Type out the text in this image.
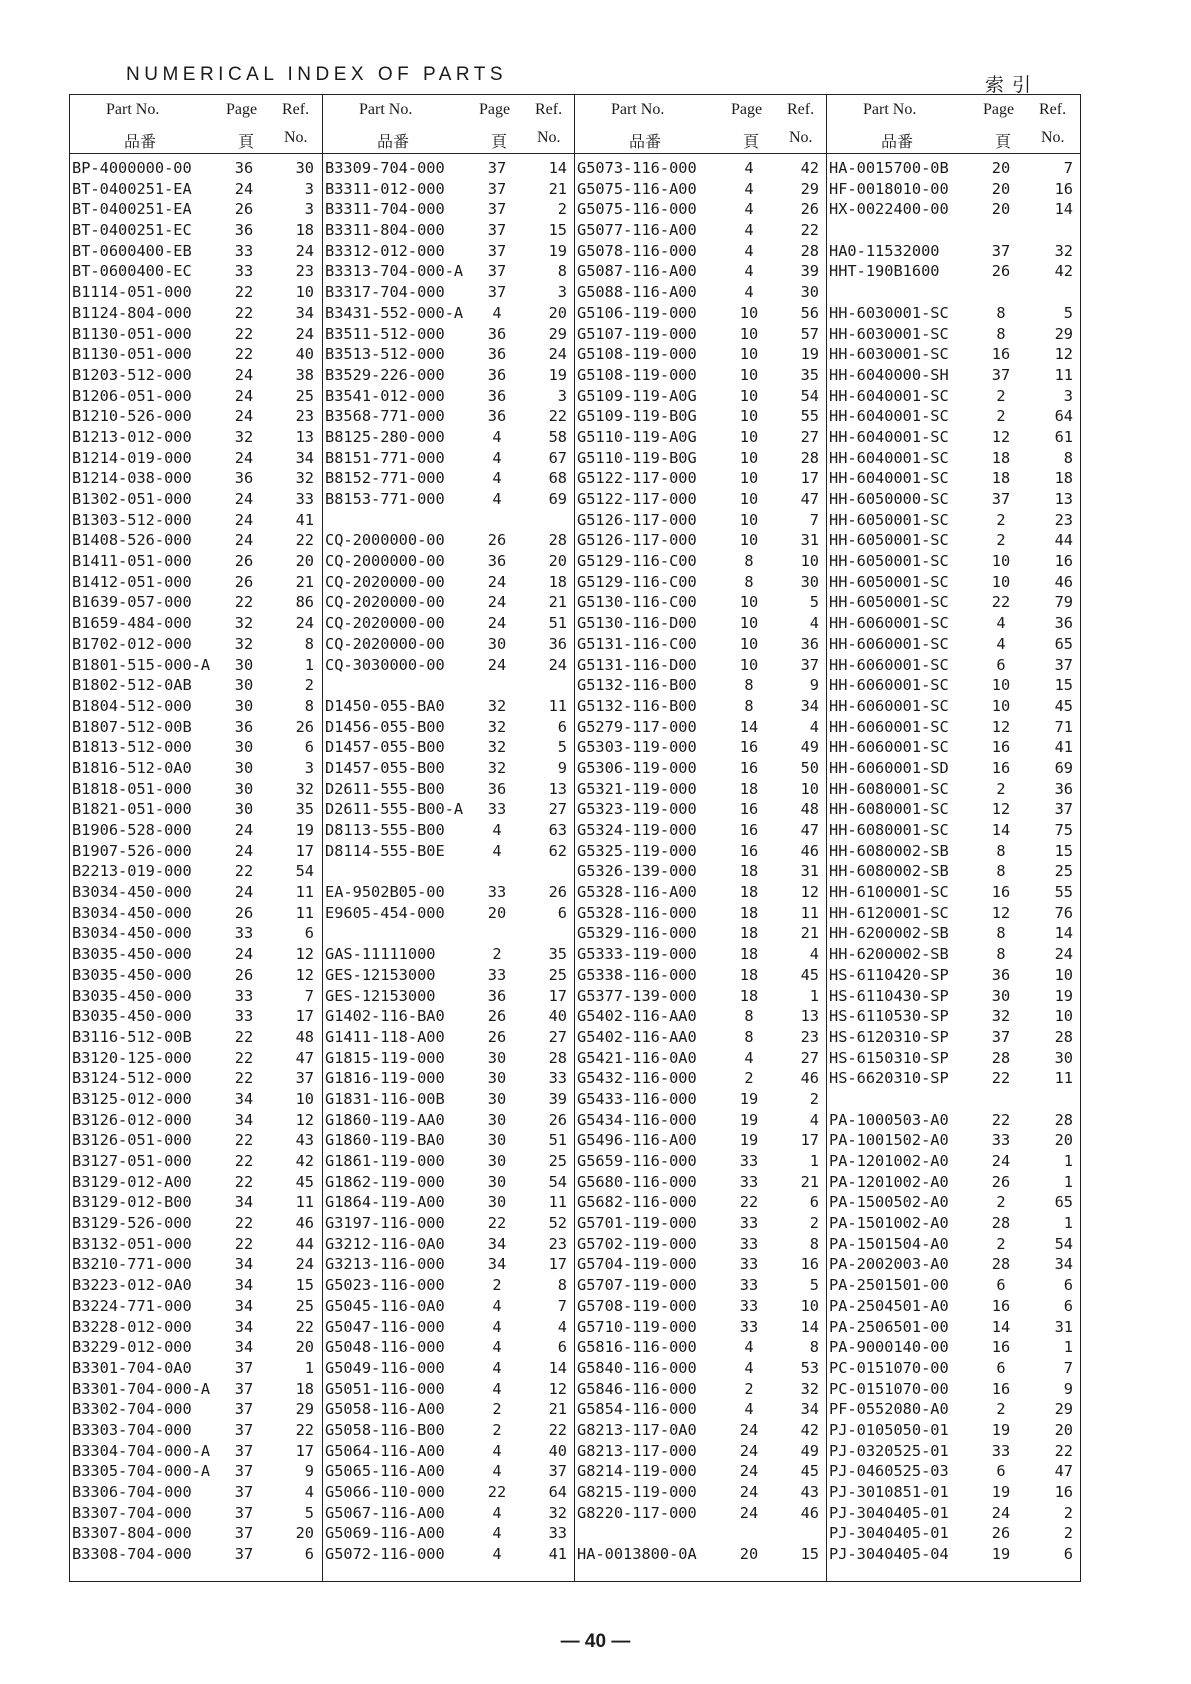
NUMERICAL INDEX OF PARTS	索引
Part No.	Page Ref.
品番	頁 No.
BP-4000000-00	36	30
BT-0400251-EA	24	3
BT-0400251-EA	26	3
BT-0400251-EC	36	18
BT-0600400-EB	33	24
BT-0600400-EC	33	23
B1114-051-000	22	10
B1124-804-000	22	34
B1130-051-000	22	24
B1130-051-000	22	40
B1203-512-000	24	38
B1206-051-000	24	25
B1210-526-000	24	23
B1213-012-000	32	13
B1214-019-000	24	34
B1214-038-000	36	32
B1302-051-000	24	33
B1303-512-000	24	41
B1408-526-000	24	22
B1411-051-000	26	20
B1412-051-000	26	21
B1639-057-000	22	86
B1659-484-000	32	24
B1702-012-000	32	8
B1801-515-000-A 30	1
B1802-512-0AB	30	2
B1804-512-000	30	8
B1807-512-00B	36	26
B1813-512-000	30	6
B1816-512-0A0	30	3
B1818-051-000	30	32
B1821-051-000	30	35
B1906-528-000	24	19
B1907-526-000	24	17
B2213-019-000	22	54
B3034-450-000	24	11
B3034-450-000	26	11
B3034-450-000	33	6
B3035-450-000	24	12
B3035-450-000	26	12
B3035-450-000	33	7
B3035-450-000	33	17
B3116-512-00B	22	48
B3120-125-000	22	47
B3124-512-000	22	37
B3125-012-000	34	10
B3126-012-000	34	12
B3126-051-000	22	43
B3127-051-000	22	42
B3129-012-A00	22	45
B3129-012-B00	34	11
B3129-526-000	22	46
B3132-051-000	22	44
B3210-771-000	34	24
B3223-012-0A0	34	15
B3224-771-000	34	25
B3228-012-000	34	22
B3229-012-000	34	20
B3301-704-0A0	37	1
B3301-704-000-A 37	18
B3302-704-000	37	29
B3303-704-000	37	22
B3304-704-000-A 37	17
B3305-704-000-A 37	9
B3306-704-000	37	4
B3307-704-000	37	5
B3307-804-000	37	20
B3308-704-000	37	6
Part No.	Page Ref.
品番	頁 No.
B3309-704-000	37	14
B3311-012-000	37	21
B3311-704-000	37	2
B3311-804-000	37	15
B3312-012-000	37	19
B3313-704-000-A 37	8
B3317-704-000	37	3
B3431-552-000-A	4	20
B3511-512-000	36	29
B3513-512-000	36	24
B3529-226-000	36	19
B3541-012-000	36	3
B3568-771-000	36	22
B8125-280-000	4	58
B8151-771-000	4	67
B8152-771-000	4	68
B8153-771-000	4	69
CQ-2000000-00	26	28
CQ-2000000-00	36	20
CQ-2020000-00	24	18
CQ-2020000-00	24	21
CQ-2020000-00	24	51
CQ-2020000-00	30	36
CQ-3030000-00	24	24
D1450-055-BA0	32	11
D1456-055-B00	32	6
D1457-055-B00	32	5
D1457-055-B00	32	9
D2611-555-B00	36	13
D2611-555-B00-A 33	27
D8113-555-B00	4	63
D8114-555-B0E	4	62
EA-9502B05-00	33	26
E9605-454-000	20	6
GAS-11111000	2	35
GES-12153000	33	25
GES-12153000	36	17
G1402-116-BA0	26	40
G1411-118-A00	26	27
G1815-119-000	30	28
G1816-119-000	30	33
G1831-116-00B	30	39
G1860-119-AA0	30	26
G1860-119-BA0	30	51
G1861-119-000	30	25
G1862-119-000	30	54
G1864-119-A00	30	11
G3197-116-000	22	52
G3212-116-0A0	34	23
G3213-116-000	34	17
G5023-116-000	2	8
G5045-116-0A0	4	7
G5047-116-000	4	4
G5048-116-000	4	6
G5049-116-000	4	14
G5051-116-000	4	12
G5058-116-A00	2	21
G5058-116-B00	2	22
G5064-116-A00	4	40
G5065-116-A00	4	37
G5066-110-000	22	64
G5067-116-A00	4	32
G5069-116-A00	4	33
G5072-116-000	4	41
Part No.	Page Ref.
品番	頁 No.
G5073-116-000	4	42
G5075-116-A00	4	29
G5075-116-000	4	26
G5077-116-A00	4	22
G5078-116-000	4	28
G5087-116-A00	4	39
G5088-116-A00	4	30
G5106-119-000	10	56
G5107-119-000	10	57
G5108-119-000	10	19
G5108-119-000	10	35
G5109-119-A0G	10	54
G5109-119-B0G	10	55
G5110-119-A0G	10	27
G5110-119-B0G	10	28
G5122-117-000	10	17
G5122-117-000	10	47
G5126-117-000	10	7
G5126-117-000	10	31
G5129-116-C00	8	10
G5129-116-C00	8	30
G5130-116-C00	10	5
G5130-116-D00	10	4
G5131-116-C00	10	36
G5131-116-D00	10	37
G5132-116-B00	8	9
G5132-116-B00	8	34
G5279-117-000	14	4
G5303-119-000	16	49
G5306-119-000	16	50
G5321-119-000	18	10
G5323-119-000	16	48
G5324-119-000	16	47
G5325-119-000	16	46
G5326-139-000	18	31
G5328-116-A00	18	12
G5328-116-000	18	11
G5329-116-000	18	21
G5333-119-000	18	4
G5338-116-000	18	45
G5377-139-000	18	1
G5402-116-AA0	8	13
G5402-116-AA0	8	23
G5421-116-0A0	4	27
G5432-116-000	2	46
G5433-116-000	19	2
G5434-116-000	19	4
G5496-116-A00	19	17
G5659-116-000	33	1
G5680-116-000	33	21
G5682-116-000	22	6
G5701-119-000	33	2
G5702-119-000	33	8
G5704-119-000	33	16
G5707-119-000	33	5
G5708-119-000	33	10
G5710-119-000	33	14
G5816-116-000	4	8
G5840-116-000	4	53
G5846-116-000	2	32
G5854-116-000	4	34
G8213-117-0A0	24	42
G8213-117-000	24	49
G8214-119-000	24	45
G8215-119-000	24	43
G8220-117-000	24	46
HA-0013800-0A	20	15
Part No.	Page Ref.
品番	頁 No.
HA-0015700-0B	20	7
HF-0018010-00	20	16
HX-0022400-00	20	14
HA0-11532000	37	32
HHT-190B1600	26	42
HH-6030001-SC	8	5
HH-6030001-SC	8	29
HH-6030001-SC	16	12
HH-6040000-SH	37	11
HH-6040001-SC	2	3
HH-6040001-SC	2	64
HH-6040001-SC	12	61
HH-6040001-SC	18	8
HH-6040001-SC	18	18
HH-6050000-SC	37	13
HH-6050001-SC	2	23
HH-6050001-SC	2	44
HH-6050001-SC	10	16
HH-6050001-SC	10	46
HH-6050001-SC	22	79
HH-6060001-SC	4	36
HH-6060001-SC	4	65
HH-6060001-SC	6	37
HH-6060001-SC	10	15
HH-6060001-SC	10	45
HH-6060001-SC	12	71
HH-6060001-SC	16	41
HH-6060001-SD	16	69
HH-6080001-SC	2	36
HH-6080001-SC	12	37
HH-6080001-SC	14	75
HH-6080002-SB	8	15
HH-6080002-SB	8	25
HH-6100001-SC	16	55
HH-6120001-SC	12	76
HH-6200002-SB	8	14
HH-6200002-SB	8	24
HS-6110420-SP	36	10
HS-6110430-SP	30	19
HS-6110530-SP	32	10
HS-6120310-SP	37	28
HS-6150310-SP	28	30
HS-6620310-SP	22	11
PA-1000503-A0	22	28
PA-1001502-A0	33	20
PA-1201002-A0	24	1
PA-1201002-A0	26	1
PA-1500502-A0	2	65
PA-1501002-A0	28	1
PA-1501504-A0	2	54
PA-2002003-A0	28	34
PA-2501501-00	6	6
PA-2504501-A0	16	6
PA-2506501-00	14	31
PA-9000140-00	16	1
PC-0151070-00	6	7
PC-0151070-00	16	9
PF-0552080-A0	2	29
PJ-0105050-01	19	20
PJ-0320525-01	33	22
PJ-0460525-03	6	47
PJ-3010851-01	19	16
PJ-3040405-01	24	2
PJ-3040405-01	26	2
PJ-3040405-04	19	6
— 40 —
